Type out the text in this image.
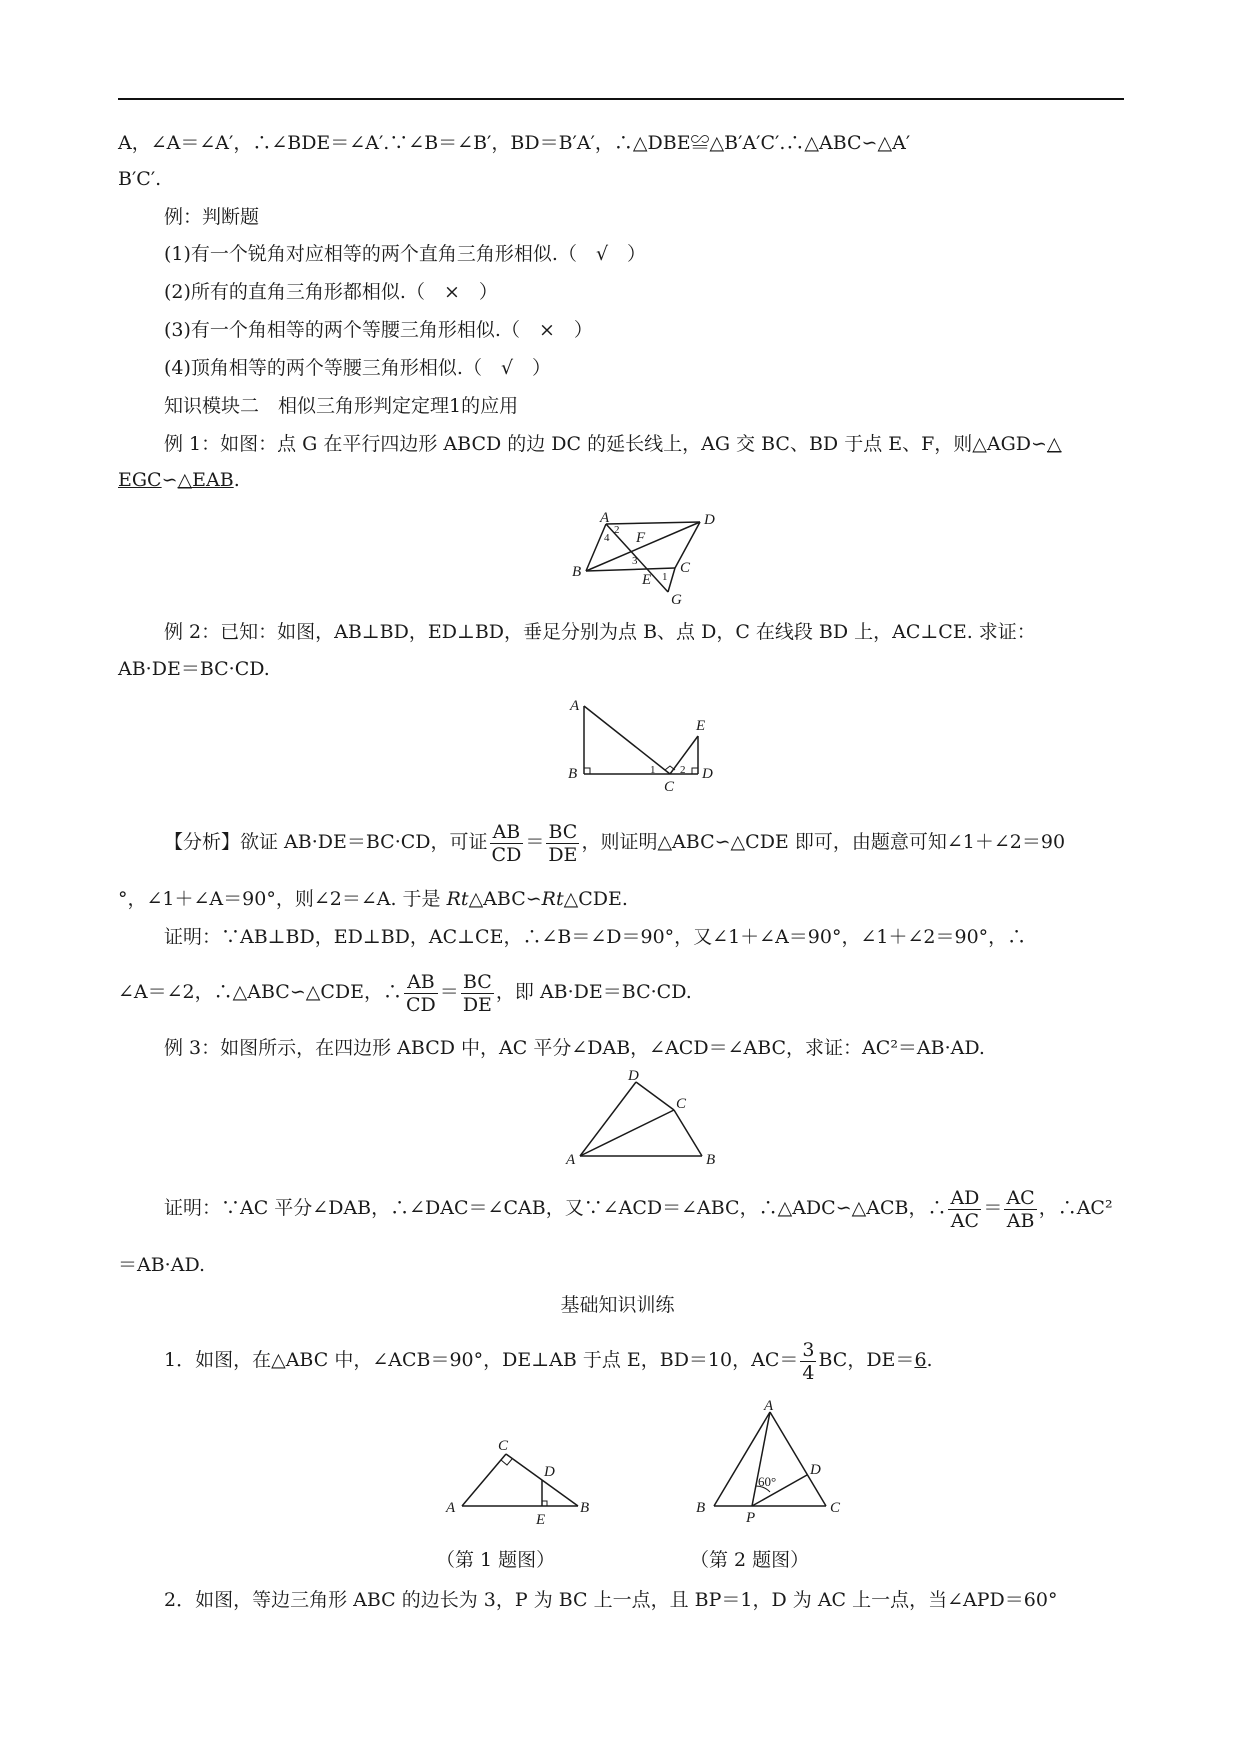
A，∠A＝∠A′，∴∠BDE＝∠A′.∵∠B＝∠B′，BD＝B′A′，∴△DBE≌△B′A′C′.∴△ABC∽△A′
B′C′.
例：判断题
(1)有一个锐角对应相等的两个直角三角形相似.（　√　）
(2)所有的直角三角形都相似.（　×　）
(3)有一个角相等的两个等腰三角形相似.（　×　）
(4)顶角相等的两个等腰三角形相似.（　√　）
知识模块二　相似三角形判定定理1的应用
例 1：如图：点 G 在平行四边形 ABCD 的边 DC 的延长线上，AG 交 BC、BD 于点 E、F，则△AGD∽△
EGC∽△EAB.
A	D
B	C
E
F
G
4
2
3
1
例 2：已知：如图，AB⊥BD，ED⊥BD，垂足分别为点 B、点 D，C 在线段 BD 上，AC⊥CE. 求证：
AB·DE＝BC·CD.
A
B
C
D
E
1 2
【分析】欲证 AB·DE＝BC·CD，可证 $\frac{AB}{CD} = \frac{BC}{DE}$ ，则证明△ABC∽△CDE 即可，由题意可知∠1＋∠2＝90
°，∠1＋∠A＝90°，则∠2＝∠A. 于是 Rt△ABC∽Rt△CDE.
证明：∵AB⊥BD，ED⊥BD，AC⊥CE，∴∠B＝∠D＝90°，又∠1＋∠A＝90°，∠1＋∠2＝90°，∴
∠A＝∠2，∴△ABC∽△CDE，∴ $\frac{AB}{CD} = \frac{BC}{DE}$ ，即 AB·DE＝BC·CD.
例 3：如图所示，在四边形 ABCD 中，AC 平分∠DAB，∠ACD＝∠ABC，求证：AC²＝AB·AD.
A	B
C
D
证明：∵AC 平分∠DAB，∴∠DAC＝∠CAB，又∵∠ACD＝∠ABC，∴△ADC∽△ACB，∴ $\frac{AD}{AC} = \frac{AC}{AB}$ ，∴AC²
＝AB·AD.
基础知识训练
1．如图，在△ABC 中，∠ACB＝90°，DE⊥AB 于点 E，BD＝10，$AC= \frac{3}{4}$ BC，DE＝6.
A	B
C
D
E
A
B	C
D
P
60°
（第 1 题图）	（第 2 题图）
2．如图，等边三角形 ABC 的边长为 3，P 为 BC 上一点，且 BP＝1，D 为 AC 上一点，当∠APD＝60°
